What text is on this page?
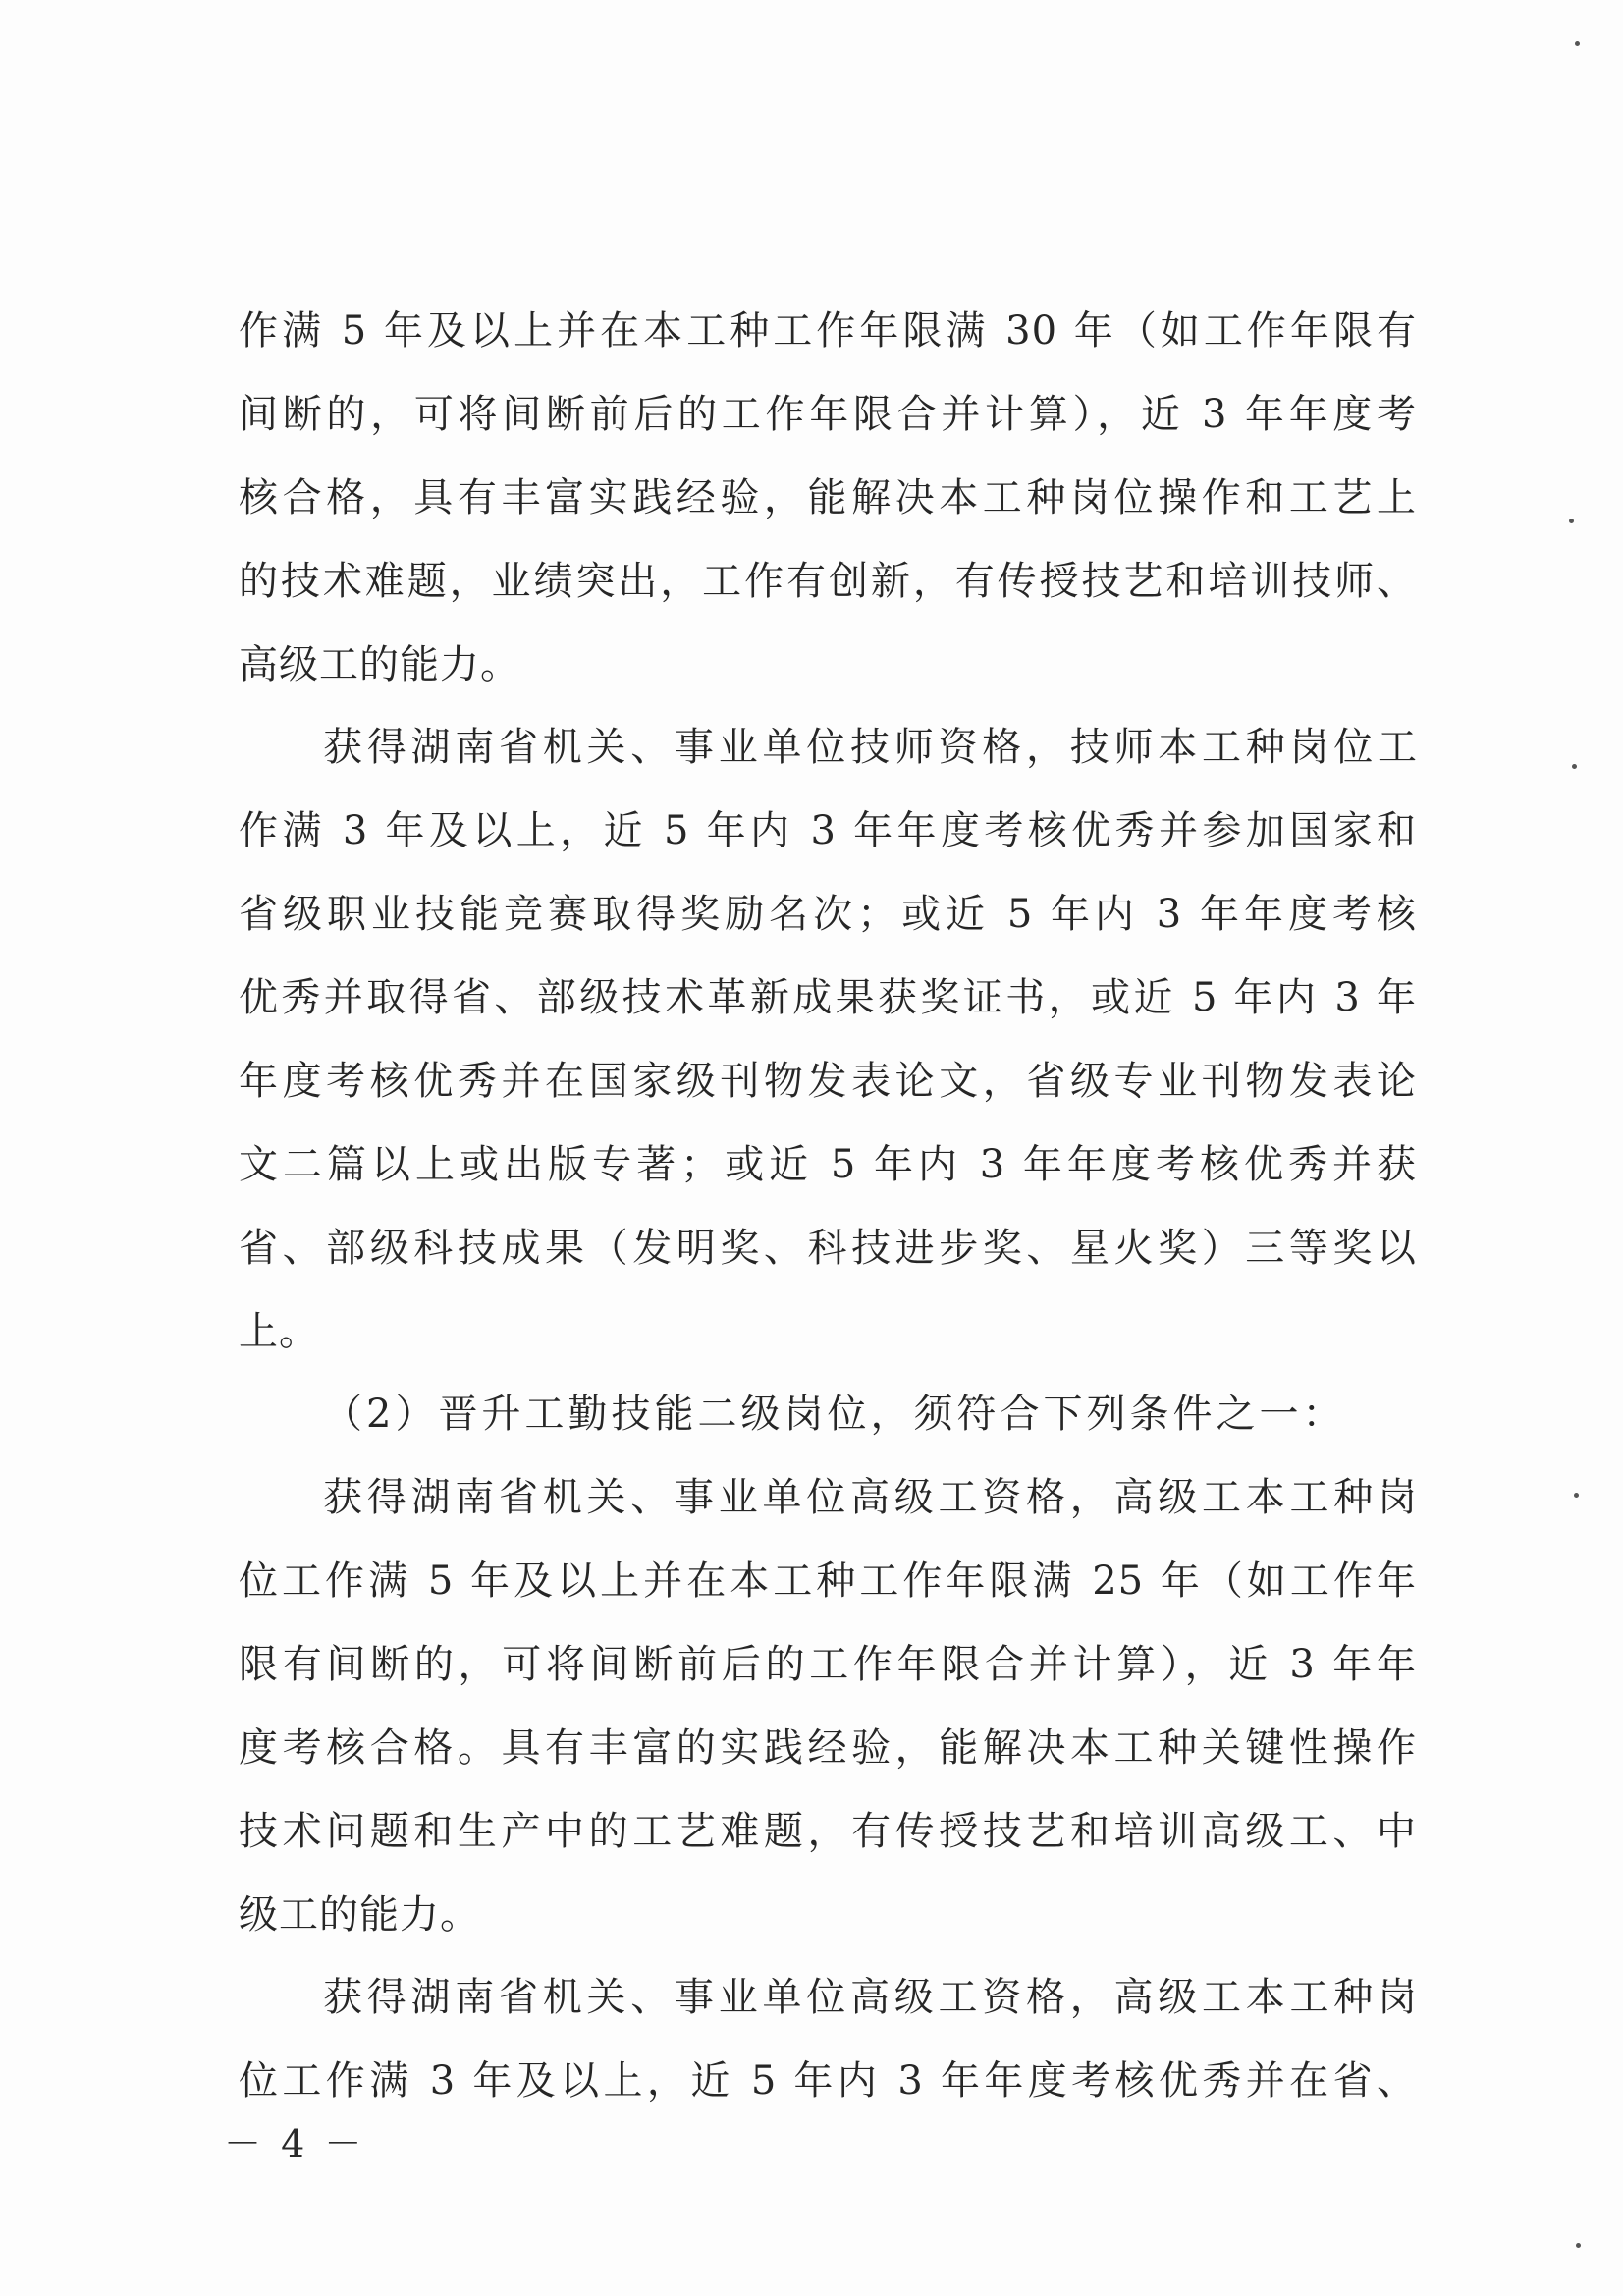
作满 5 年及以上并在本工种工作年限满 30 年（如工作年限有
间断的，可将间断前后的工作年限合并计算），近 3 年年度考
核合格，具有丰富实践经验，能解决本工种岗位操作和工艺上
的技术难题，业绩突出，工作有创新，有传授技艺和培训技师、
高级工的能力。
获得湖南省机关、事业单位技师资格，技师本工种岗位工
作满 3 年及以上，近 5 年内 3 年年度考核优秀并参加国家和
省级职业技能竞赛取得奖励名次；或近 5 年内 3 年年度考核
优秀并取得省、部级技术革新成果获奖证书，或近 5 年内 3 年
年度考核优秀并在国家级刊物发表论文，省级专业刊物发表论
文二篇以上或出版专著；或近 5 年内 3 年年度考核优秀并获
省、部级科技成果（发明奖、科技进步奖、星火奖）三等奖以
上。
（2）晋升工勤技能二级岗位，须符合下列条件之一：
获得湖南省机关、事业单位高级工资格，高级工本工种岗
位工作满 5 年及以上并在本工种工作年限满 25 年（如工作年
限有间断的，可将间断前后的工作年限合并计算），近 3 年年
度考核合格。具有丰富的实践经验，能解决本工种关键性操作
技术问题和生产中的工艺难题，有传授技艺和培训高级工、中
级工的能力。
获得湖南省机关、事业单位高级工资格，高级工本工种岗
位工作满 3 年及以上，近 5 年内 3 年年度考核优秀并在省、
－ 4 －
